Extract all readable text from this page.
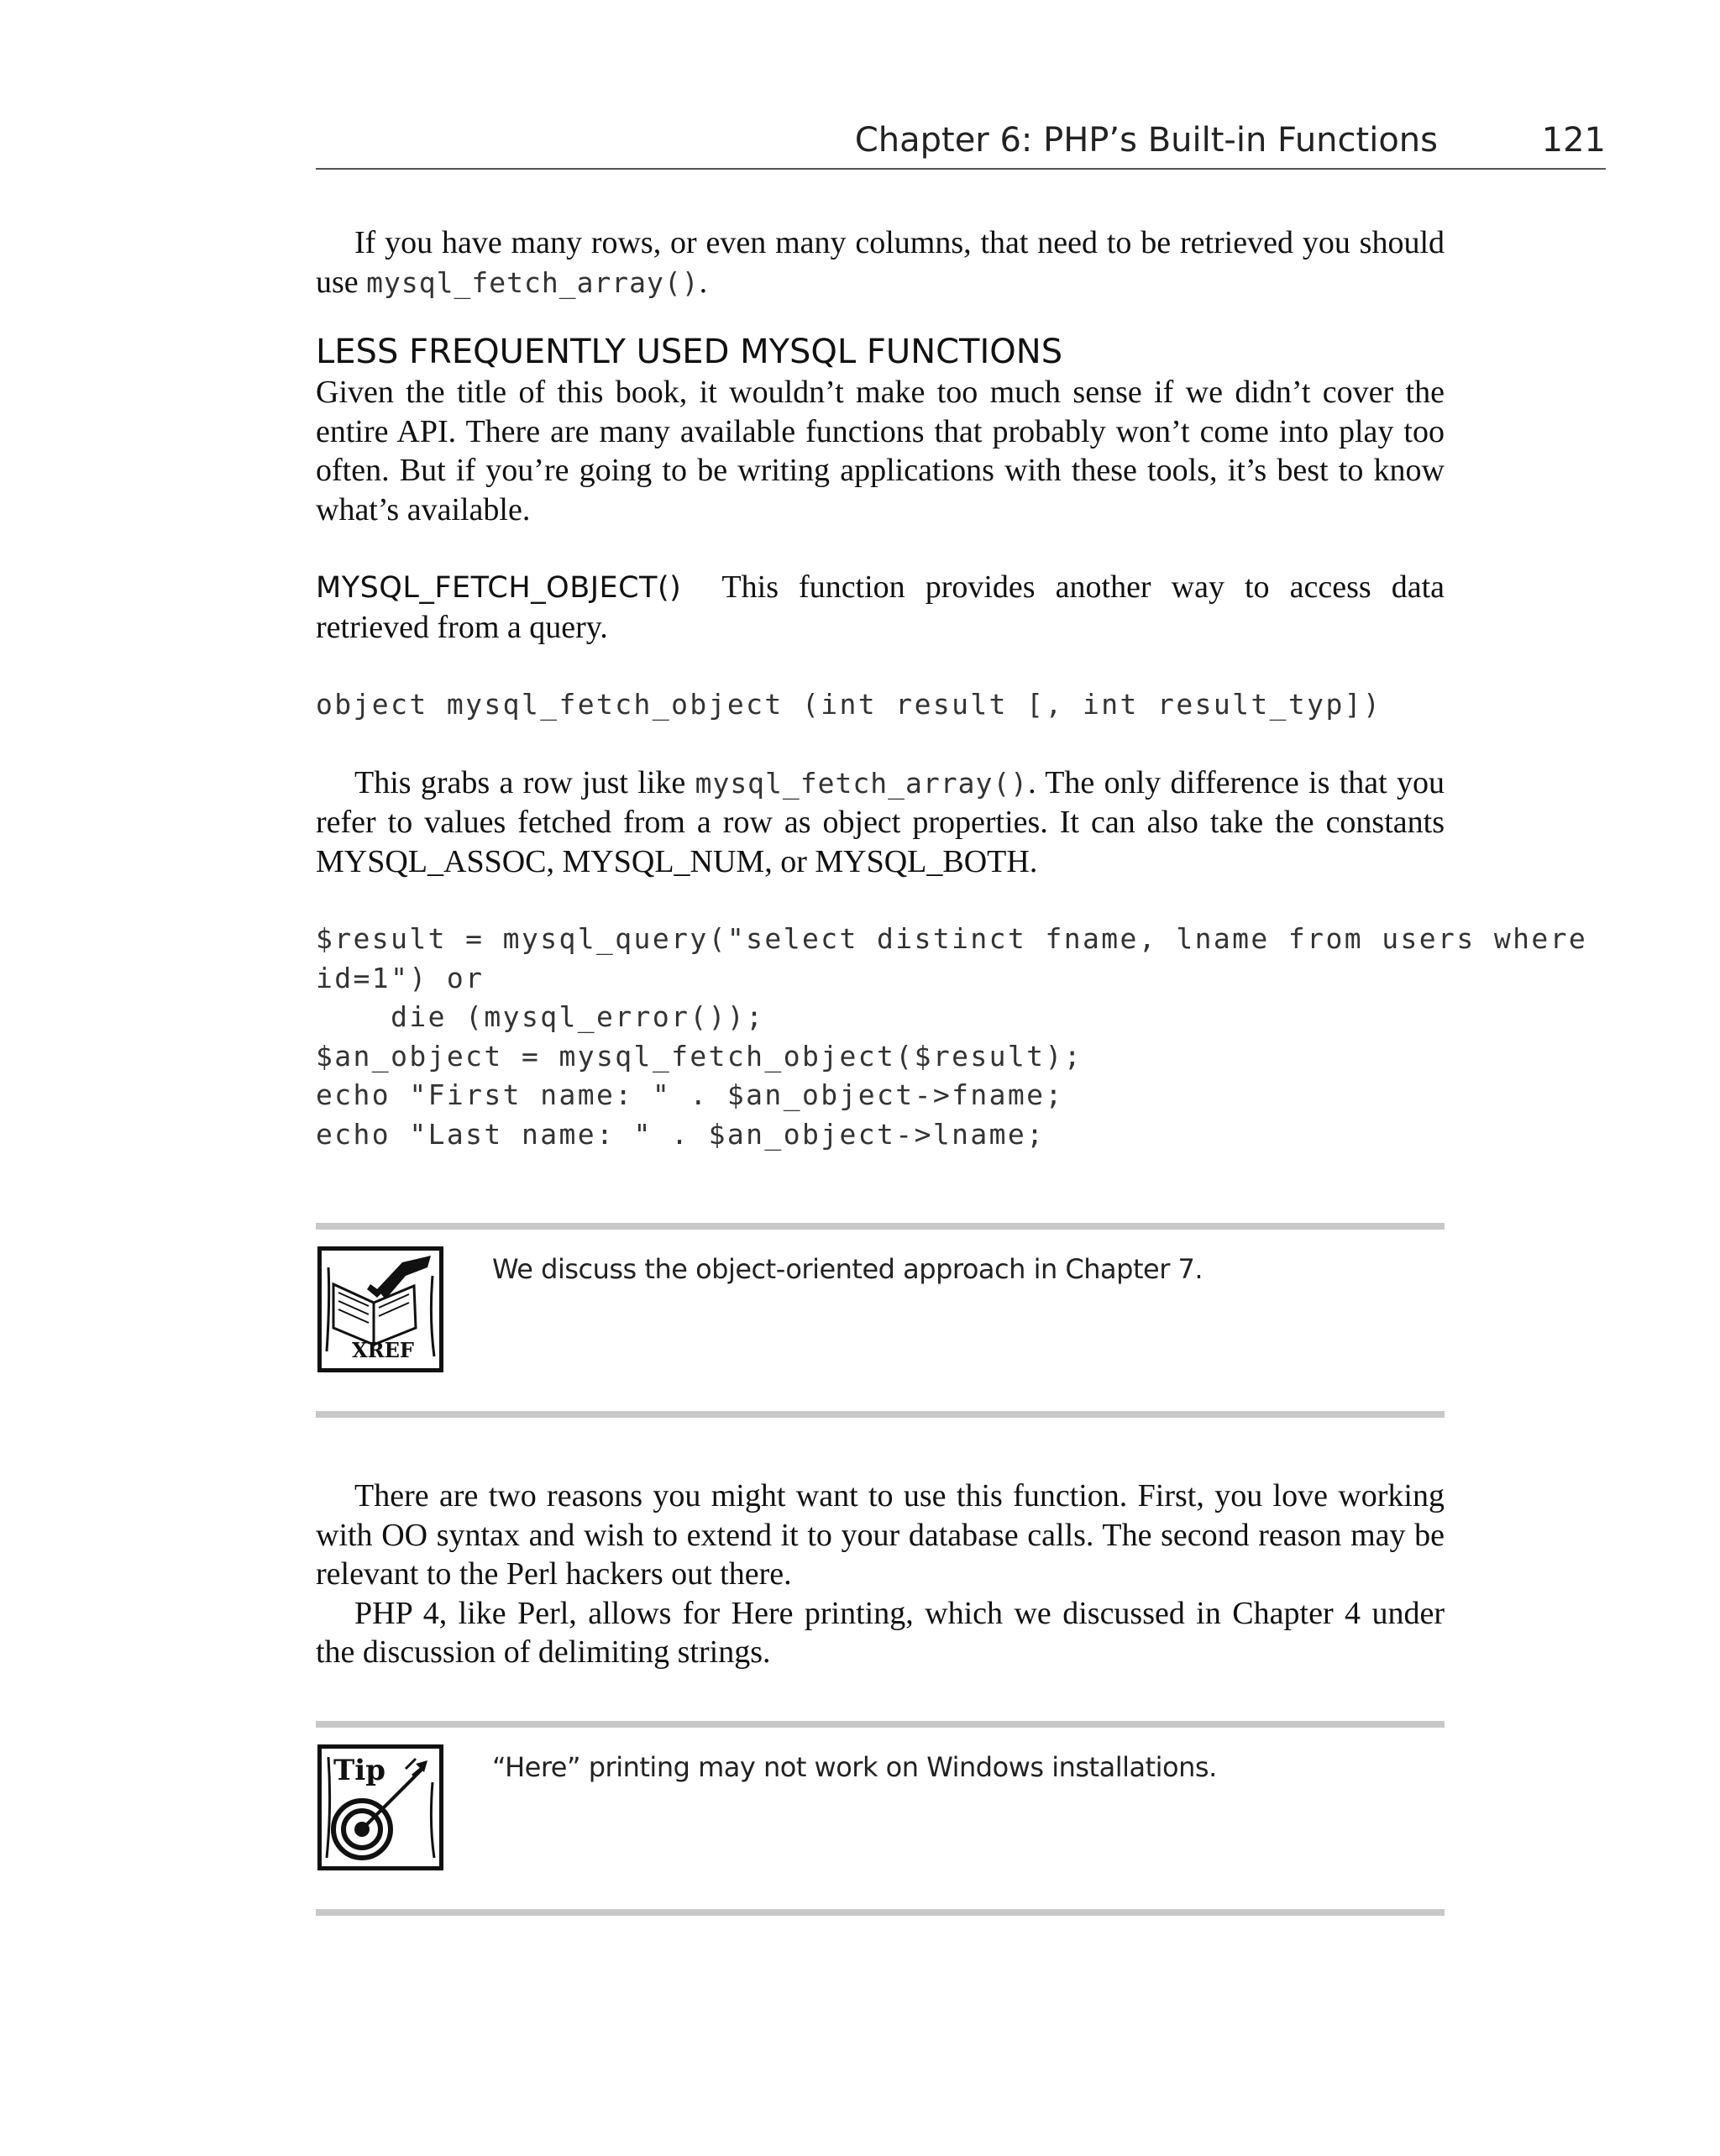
Chapter 6: PHP’s Built-in Functions	121

If you have many rows, or even many columns, that need to be retrieved you should use mysql_fetch_array().

LESS FREQUENTLY USED MYSQL FUNCTIONS

Given the title of this book, it wouldn’t make too much sense if we didn’t cover the entire API. There are many available functions that probably won’t come into play too often. But if you’re going to be writing applications with these tools, it’s best to know what’s available.

MYSQL_FETCH_OBJECT() This function provides another way to access data retrieved from a query.

object mysql_fetch_object (int result [, int result_typ])

This grabs a row just like mysql_fetch_array(). The only difference is that you refer to values fetched from a row as object properties. It can also take the constants MYSQL_ASSOC, MYSQL_NUM, or MYSQL_BOTH.

$result = mysql_query("select distinct fname, lname from users where
id=1") or
die (mysql_error());
$an_object = mysql_fetch_object($result);
echo "First name: " . $an_object->fname;
echo "Last name: " . $an_object->lname;
XREF
We discuss the object-oriented approach in Chapter 7.

There are two reasons you might want to use this function. First, you love working with OO syntax and wish to extend it to your database calls. The second reason may be relevant to the Perl hackers out there.

PHP 4, like Perl, allows for Here printing, which we discussed in Chapter 4 under the discussion of delimiting strings.

Tip	“Here” printing may not work on Windows installations.
